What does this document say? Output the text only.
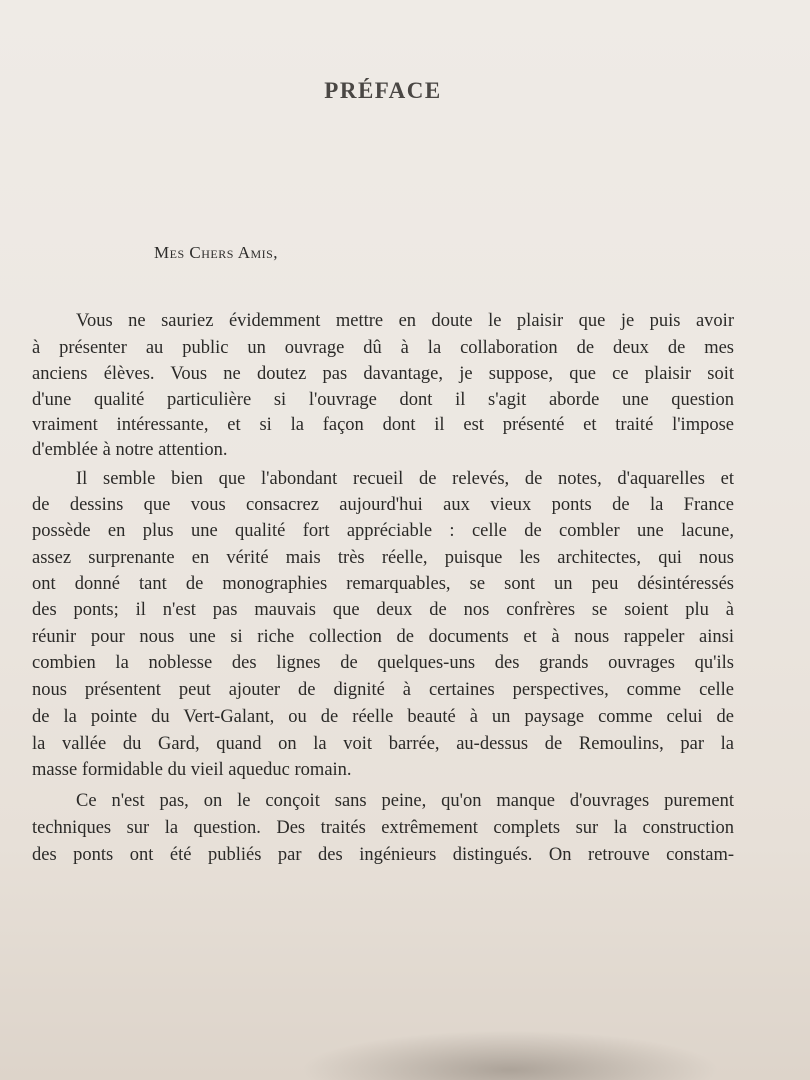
PRÉFACE
Mes Chers Amis,
Vous ne sauriez évidemment mettre en doute le plaisir que je puis avoir
à présenter au public un ouvrage dû à la collaboration de deux de mes
anciens élèves. Vous ne doutez pas davantage, je suppose, que ce plaisir soit
d'une qualité particulière si l'ouvrage dont il s'agit aborde une question
vraiment intéressante, et si la façon dont il est présenté et traité l'impose
d'emblée à notre attention.
Il semble bien que l'abondant recueil de relevés, de notes, d'aquarelles et
de dessins que vous consacrez aujourd'hui aux vieux ponts de la France
possède en plus une qualité fort appréciable : celle de combler une lacune,
assez surprenante en vérité mais très réelle, puisque les architectes, qui nous
ont donné tant de monographies remarquables, se sont un peu désintéressés
des ponts; il n'est pas mauvais que deux de nos confrères se soient plu à
réunir pour nous une si riche collection de documents et à nous rappeler ainsi
combien la noblesse des lignes de quelques-uns des grands ouvrages qu'ils
nous présentent peut ajouter de dignité à certaines perspectives, comme celle
de la pointe du Vert-Galant, ou de réelle beauté à un paysage comme celui de
la vallée du Gard, quand on la voit barrée, au-dessus de Remoulins, par la
masse formidable du vieil aqueduc romain.
Ce n'est pas, on le conçoit sans peine, qu'on manque d'ouvrages purement
techniques sur la question. Des traités extrêmement complets sur la construction
des ponts ont été publiés par des ingénieurs distingués. On retrouve constam-
